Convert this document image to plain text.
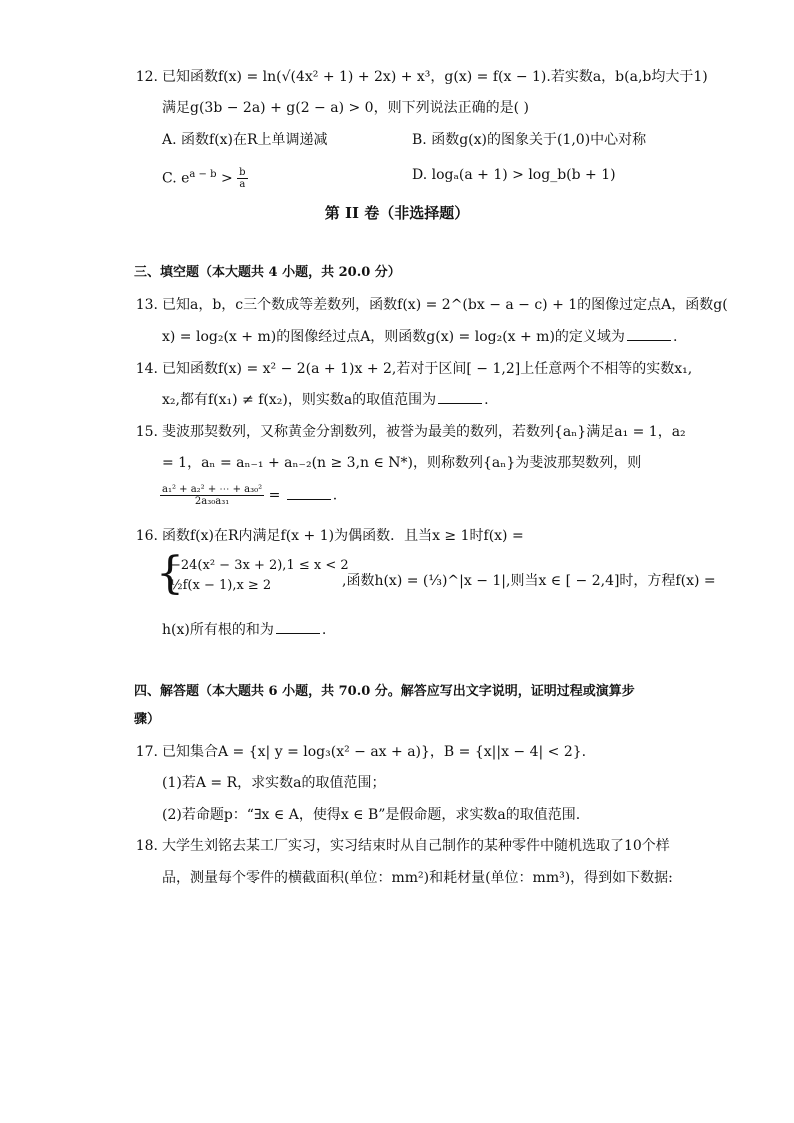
12. 已知函数f(x) = ln(√(4x² + 1) + 2x) + x³，g(x) = f(x − 1).若实数a，b(a,b均大于1)
满足g(3b − 2a) + g(2 − a) > 0，则下列说法正确的是( )
A. 函数f(x)在R上单调递减	B. 函数g(x)的图象关于(1,0)中心对称
C. $e^{a - b} > \frac{b}{a}$	D. logₐ(a + 1) > log_b(b + 1)
第 II 卷（非选择题）
三、填空题（本大题共 4 小题，共 20.0 分）
13. 已知a，b，c三个数成等差数列，函数f(x) = 2^(bx − a − c) + 1的图像过定点A，函数g(
x) = log₂(x + m)的图像经过点A，则函数g(x) = log₂(x + m)的定义域为	.
14. 已知函数f(x) = x² − 2(a + 1)x + 2,若对于区间[ − 1,2]上任意两个不相等的实数x₁,
x₂,都有f(x₁) ≠ f(x₂)，则实数a的取值范围为	.
15. 斐波那契数列，又称黄金分割数列，被誉为最美的数列，若数列{aₙ}满足a₁ = 1，a₂
= 1，aₙ = aₙ₋₁ + aₙ₋₂(n ≥ 3,n ∈ N*)，则称数列{aₙ}为斐波那契数列，则
$\frac{\text{a₁² + a₂² + ⋯ + a₃₀²}}{\text{2a₃₀a₃₁}}$ =	.
16. 函数f(x)在R内满足f(x + 1)为偶函数．且当x ≥ 1时f(x) =
{
−24(x² − 3x + 2),1 ≤ x < 2
½f(x − 1),x ≥ 2	,函数h(x) = (⅓)^|x − 1|,则当x ∈ [ − 2,4]时，方程f(x) =
h(x)所有根的和为	.
四、解答题（本大题共 6 小题，共 70.0 分。解答应写出文字说明，证明过程或演算步
骤）
17. 已知集合A = {x| y = log₃(x² − ax + a)}，B = {x||x − 4| < 2}.
(1)若A = R，求实数a的取值范围；
(2)若命题p：“∃x ∈ A，使得x ∈ B”是假命题，求实数a的取值范围.
18. 大学生刘铭去某工厂实习，实习结束时从自己制作的某种零件中随机选取了10个样
品，测量每个零件的横截面积(单位：mm²)和耗材量(单位：mm³)，得到如下数据:
